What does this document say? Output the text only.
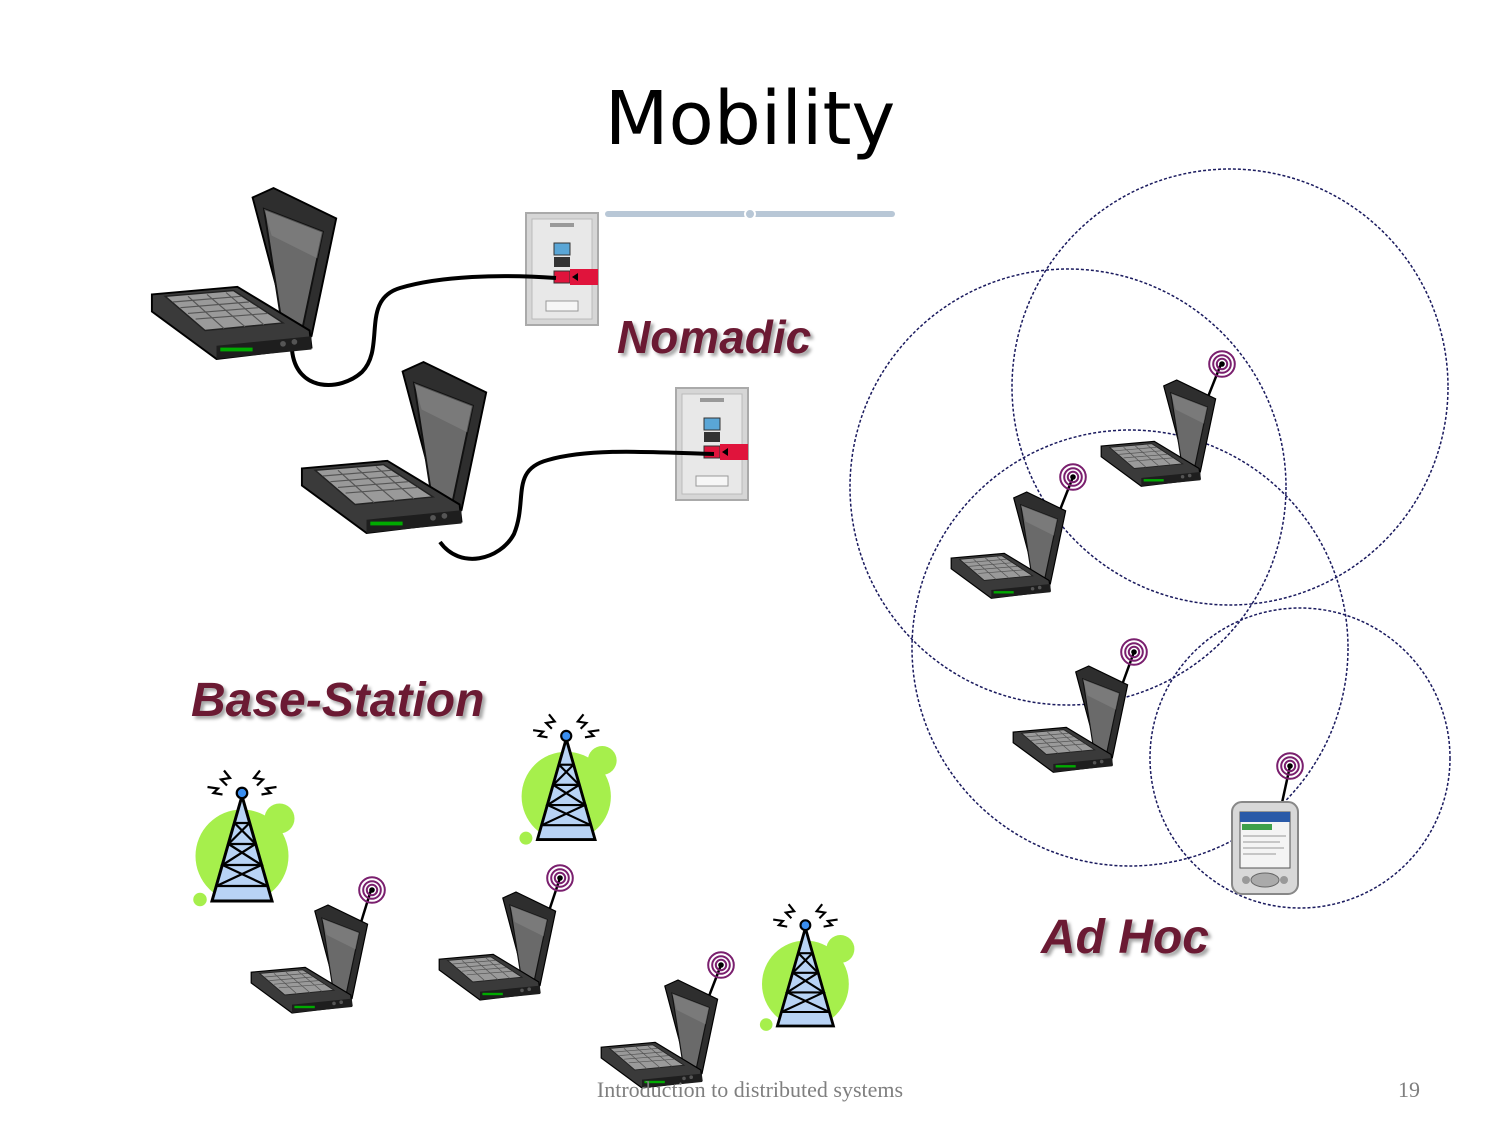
Mobility
Nomadic
Base-Station
Ad Hoc
Introduction to distributed systems	19
